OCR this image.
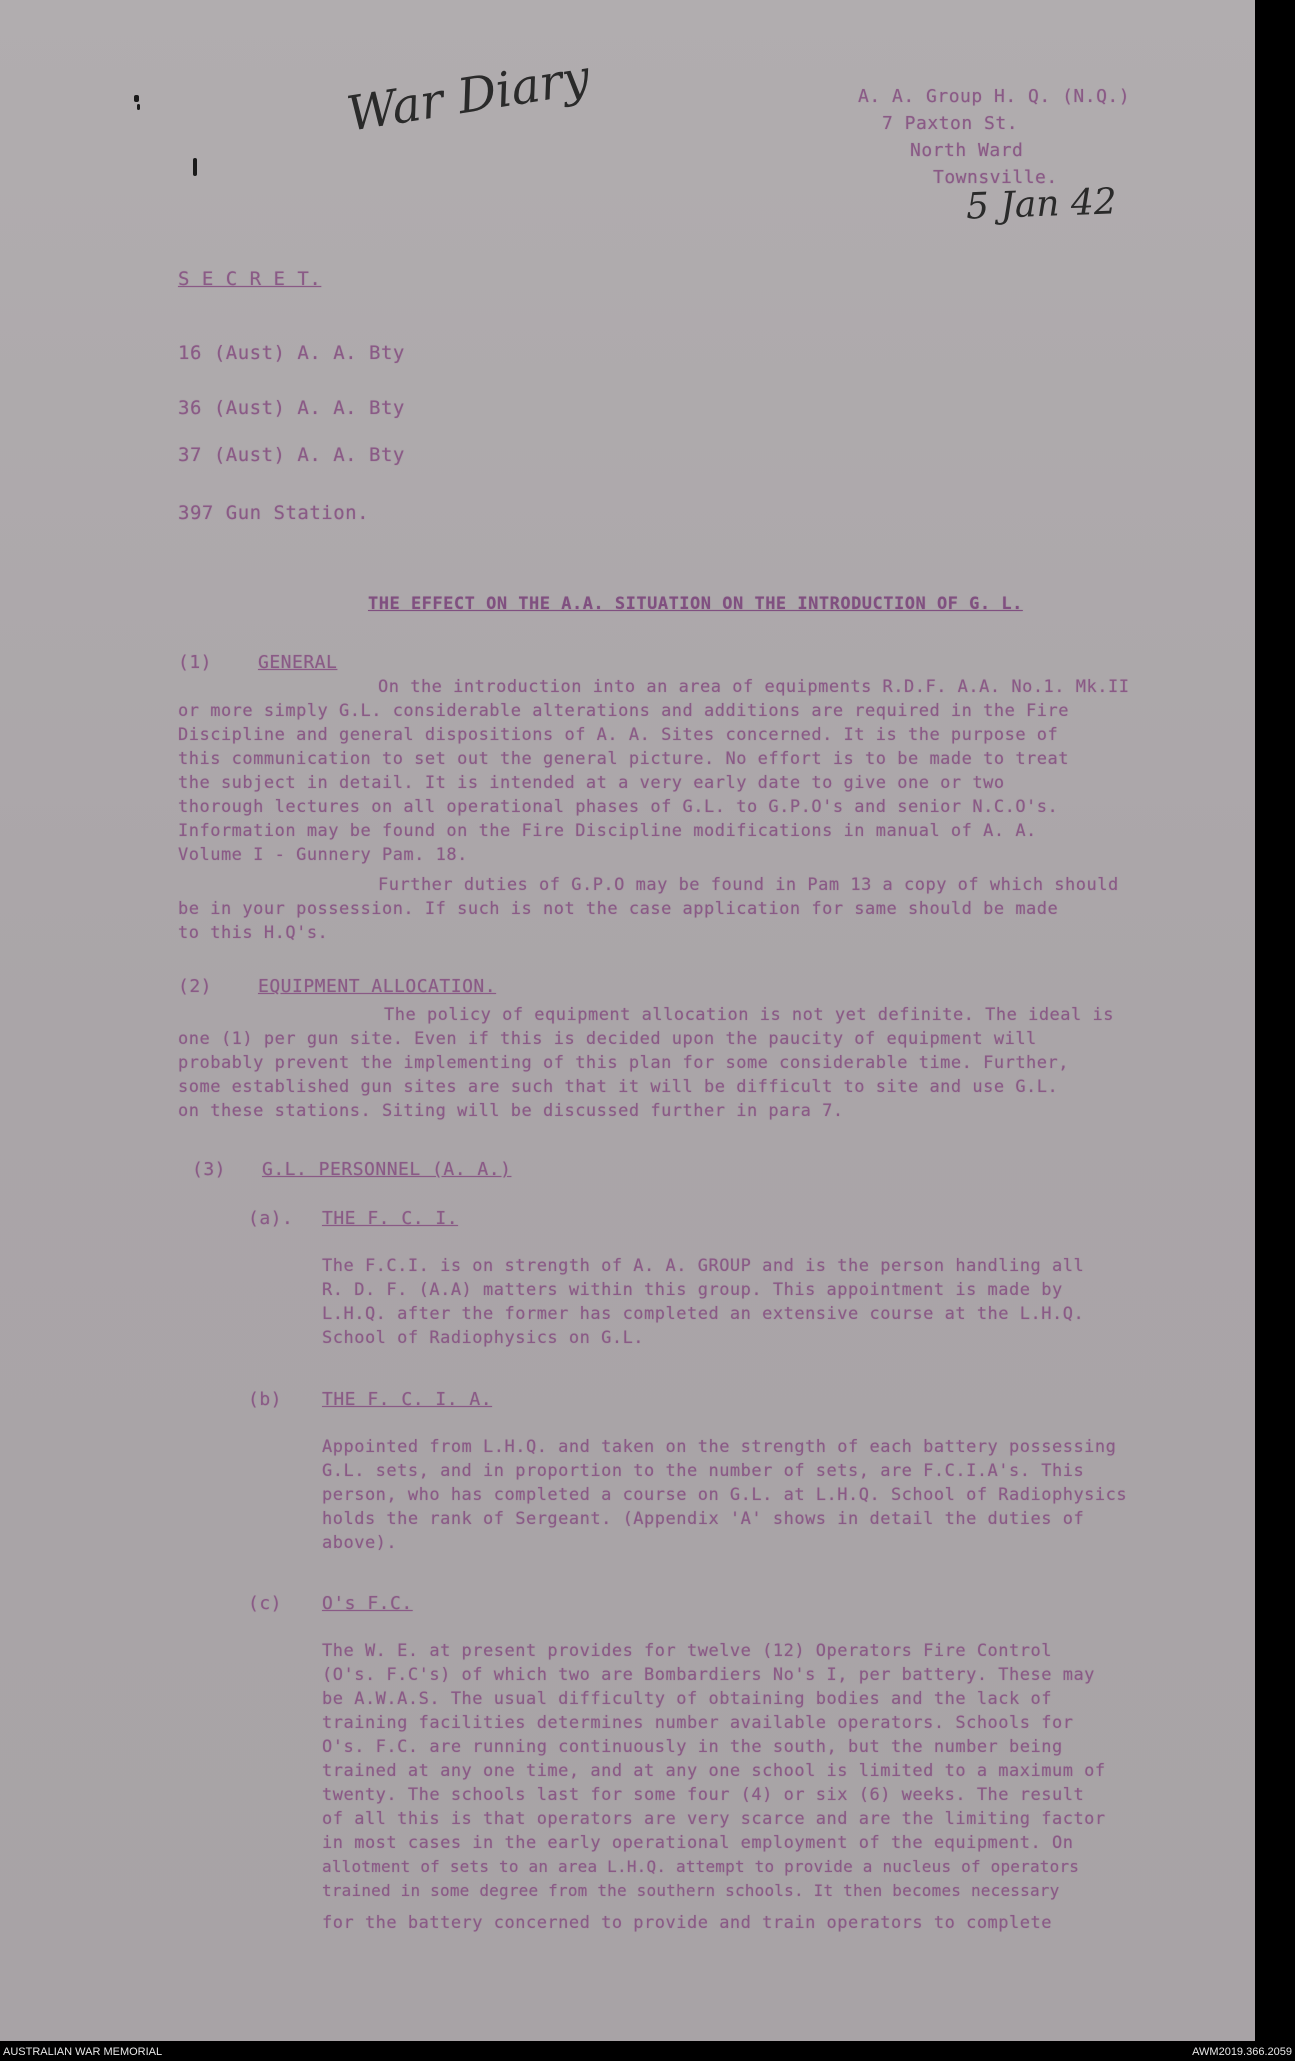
War Diary
5 Jan 42
A. A. Group H. Q. (N.Q.)
7 Paxton St.
North Ward
Townsville.
S E C R E T.
16 (Aust) A. A. Bty
36 (Aust) A. A. Bty
37 (Aust) A. A. Bty
397 Gun Station.
THE EFFECT ON THE A.A. SITUATION ON THE INTRODUCTION OF G. L.
(1)	GENERAL
On the introduction into an area of equipments R.D.F. A.A. No.1. Mk.II
or more simply G.L. considerable alterations and additions are required in the Fire
Discipline and general dispositions of A. A. Sites concerned. It is the purpose of
this communication to set out the general picture. No effort is to be made to treat
the subject in detail. It is intended at a very early date to give one or two
thorough lectures on all operational phases of G.L. to G.P.O's and senior N.C.O's.
Information may be found on the Fire Discipline modifications in manual of A. A.
Volume I - Gunnery Pam. 18.
Further duties of G.P.O may be found in Pam 13 a copy of which should
be in your possession. If such is not the case application for same should be made
to this H.Q's.
(2)	EQUIPMENT ALLOCATION.
The policy of equipment allocation is not yet definite. The ideal is
one (1) per gun site. Even if this is decided upon the paucity of equipment will
probably prevent the implementing of this plan for some considerable time. Further,
some established gun sites are such that it will be difficult to site and use G.L.
on these stations. Siting will be discussed further in para 7.
(3) G.L. PERSONNEL (A. A.)
(a). THE F. C. I.
The F.C.I. is on strength of A. A. GROUP and is the person handling all
R. D. F. (A.A) matters within this group. This appointment is made by
L.H.Q. after the former has completed an extensive course at the L.H.Q.
School of Radiophysics on G.L.
(b) THE F. C. I. A.
Appointed from L.H.Q. and taken on the strength of each battery possessing
G.L. sets, and in proportion to the number of sets, are F.C.I.A's. This
person, who has completed a course on G.L. at L.H.Q. School of Radiophysics
holds the rank of Sergeant. (Appendix 'A' shows in detail the duties of
above).
(c) O's F.C.
The W. E. at present provides for twelve (12) Operators Fire Control
(O's. F.C's) of which two are Bombardiers No's I, per battery. These may
be A.W.A.S. The usual difficulty of obtaining bodies and the lack of
training facilities determines number available operators. Schools for
O's. F.C. are running continuously in the south, but the number being
trained at any one time, and at any one school is limited to a maximum of
twenty. The schools last for some four (4) or six (6) weeks. The result
of all this is that operators are very scarce and are the limiting factor
in most cases in the early operational employment of the equipment. On
allotment of sets to an area L.H.Q. attempt to provide a nucleus of operators
trained in some degree from the southern schools. It then becomes necessary
for the battery concerned to provide and train operators to complete
AUSTRALIAN WAR MEMORIAL	AWM2019.366.2059
